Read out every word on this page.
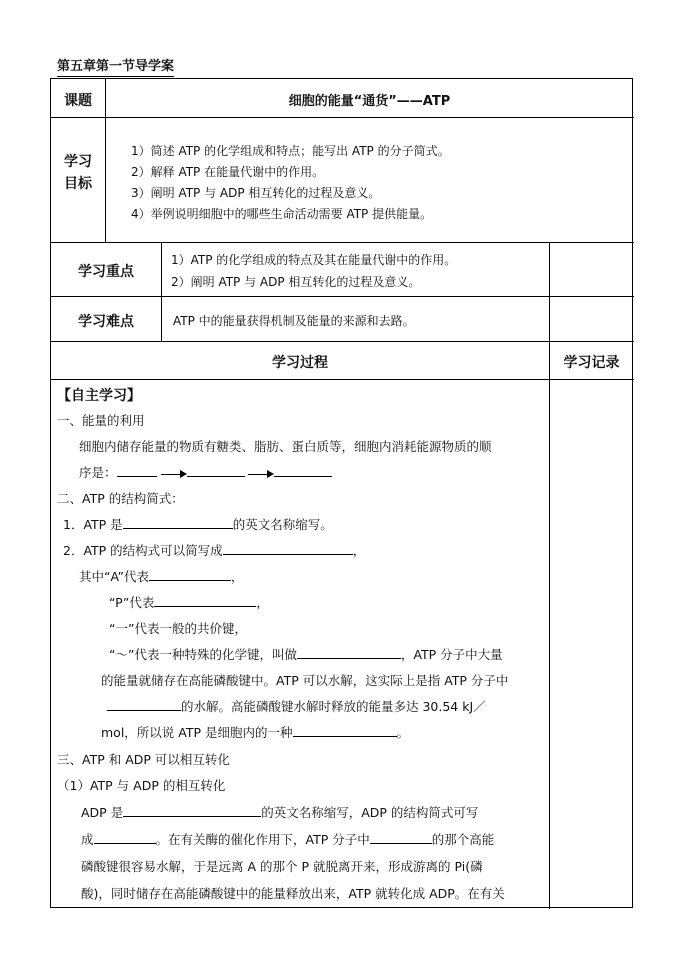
第五章第一节导学案
课题	细胞的能量“通货”——ATP
学习
目标
1）简述 ATP 的化学组成和特点；能写出 ATP 的分子简式。
2）解释 ATP 在能量代谢中的作用。
3）阐明 ATP 与 ADP 相互转化的过程及意义。
4）举例说明细胞中的哪些生命活动需要 ATP 提供能量。
学习重点
1）ATP 的化学组成的特点及其在能量代谢中的作用。
2）阐明 ATP 与 ADP 相互转化的过程及意义。
学习难点	ATP 中的能量获得机制及能量的来源和去路。
学习过程	学习记录
【自主学习】
一、能量的利用
细胞内储存能量的物质有糖类、脂肪、蛋白质等，细胞内消耗能源物质的顺
序是：
二、ATP 的结构简式：
1．ATP 是	的英文名称缩写。
2．ATP 的结构式可以简写成	，
其中“A”代表	，
“P”代表	，
“一”代表一般的共价键，
“～”代表一种特殊的化学键，叫做	，ATP 分子中大量
的能量就储存在高能磷酸键中。ATP 可以水解，这实际上是指 ATP 分子中
的水解。高能磷酸键水解时释放的能量多达 30.54 kJ／
mol，所以说 ATP 是细胞内的一种	。
三、ATP 和 ADP 可以相互转化
（1）ATP 与 ADP 的相互转化
ADP 是	的英文名称缩写，ADP 的结构简式可写
成	。在有关酶的催化作用下，ATP 分子中	的那个高能
磷酸键很容易水解，于是远离 A 的那个 P 就脱离开来，形成游离的 Pi(磷
酸)，同时储存在高能磷酸键中的能量释放出来，ATP 就转化成 ADP。在有关
